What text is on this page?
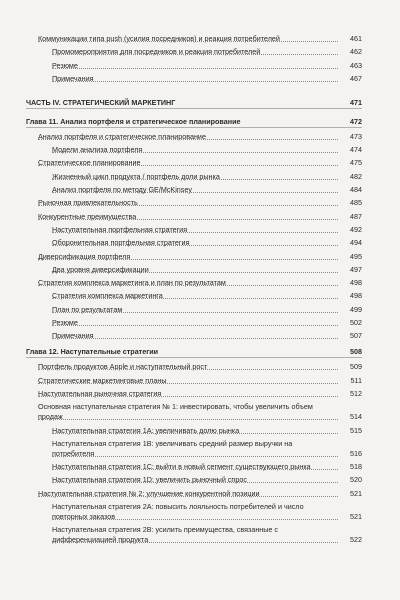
Коммуникации типа push (усилия посредников) и реакция потребителей	461
Промомероприятия для посредников и реакция потребителей	462
Резюме	463
Примечания	467
ЧАСТЬ IV. СТРАТЕГИЧЕСКИЙ МАРКЕТИНГ	471
Глава 11. Анализ портфеля и стратегическое планирование	472
Анализ портфеля и стратегическое планирование	473
Модели анализа портфеля	474
Стратегическое планирование	475
Жизненный цикл продукта / портфель доли рынка	482
Анализ портфеля по методу GE/McKinsey	484
Рыночная привлекательность	485
Конкурентные преимущества	487
Наступательная портфельная стратегия	492
Оборонительная портфельная стратегия	494
Диверсификация портфеля	495
Два уровня диверсификации	497
Стратегия комплекса маркетинга и план по результатам	498
Стратегия комплекса маркетинга	498
План по результатам	499
Резюме	502
Примечания	507
Глава 12. Наступательные стратегии	508
Портфель продуктов Apple и наступательный рост	509
Стратегические маркетинговые планы	511
Наступательная рыночная стратегия	512
Основная наступательная стратегия № 1: инвестировать, чтобы увеличить объем продаж	514
Наступательная стратегия 1А: увеличивать долю рынка	515
Наступательная стратегия 1В: увеличивать средний размер выручки на потребителя	516
Наступательная стратегия 1С: выйти в новый сегмент существующего рынка	518
Наступательная стратегия 1D: увеличить рыночный спрос	520
Наступательная стратегия № 2: улучшение конкурентной позиции	521
Наступательная стратегия 2А: повысить лояльность потребителей и число повторных заказов	521
Наступательная стратегия 2В: усилить преимущества, связанные с дифференциацией продукта	522
